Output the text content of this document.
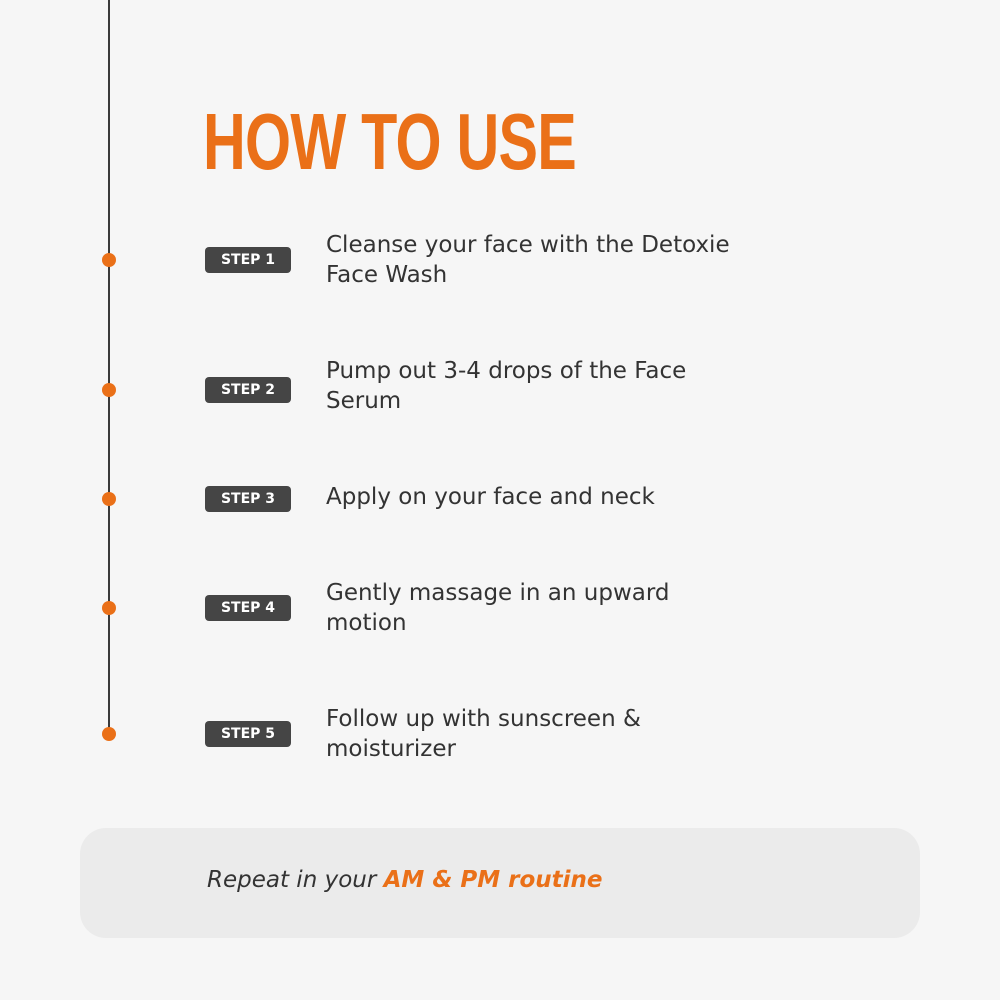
HOW TO USE
STEP 1

Cleanse your face with the Detoxie Face Wash

STEP 2

Pump out 3-4 drops of the Face Serum

STEP 3	Apply on your face and neck

STEP 4

Gently massage in an upward motion

STEP 5

Follow up with sunscreen & moisturizer

Repeat in your AM & PM routine
